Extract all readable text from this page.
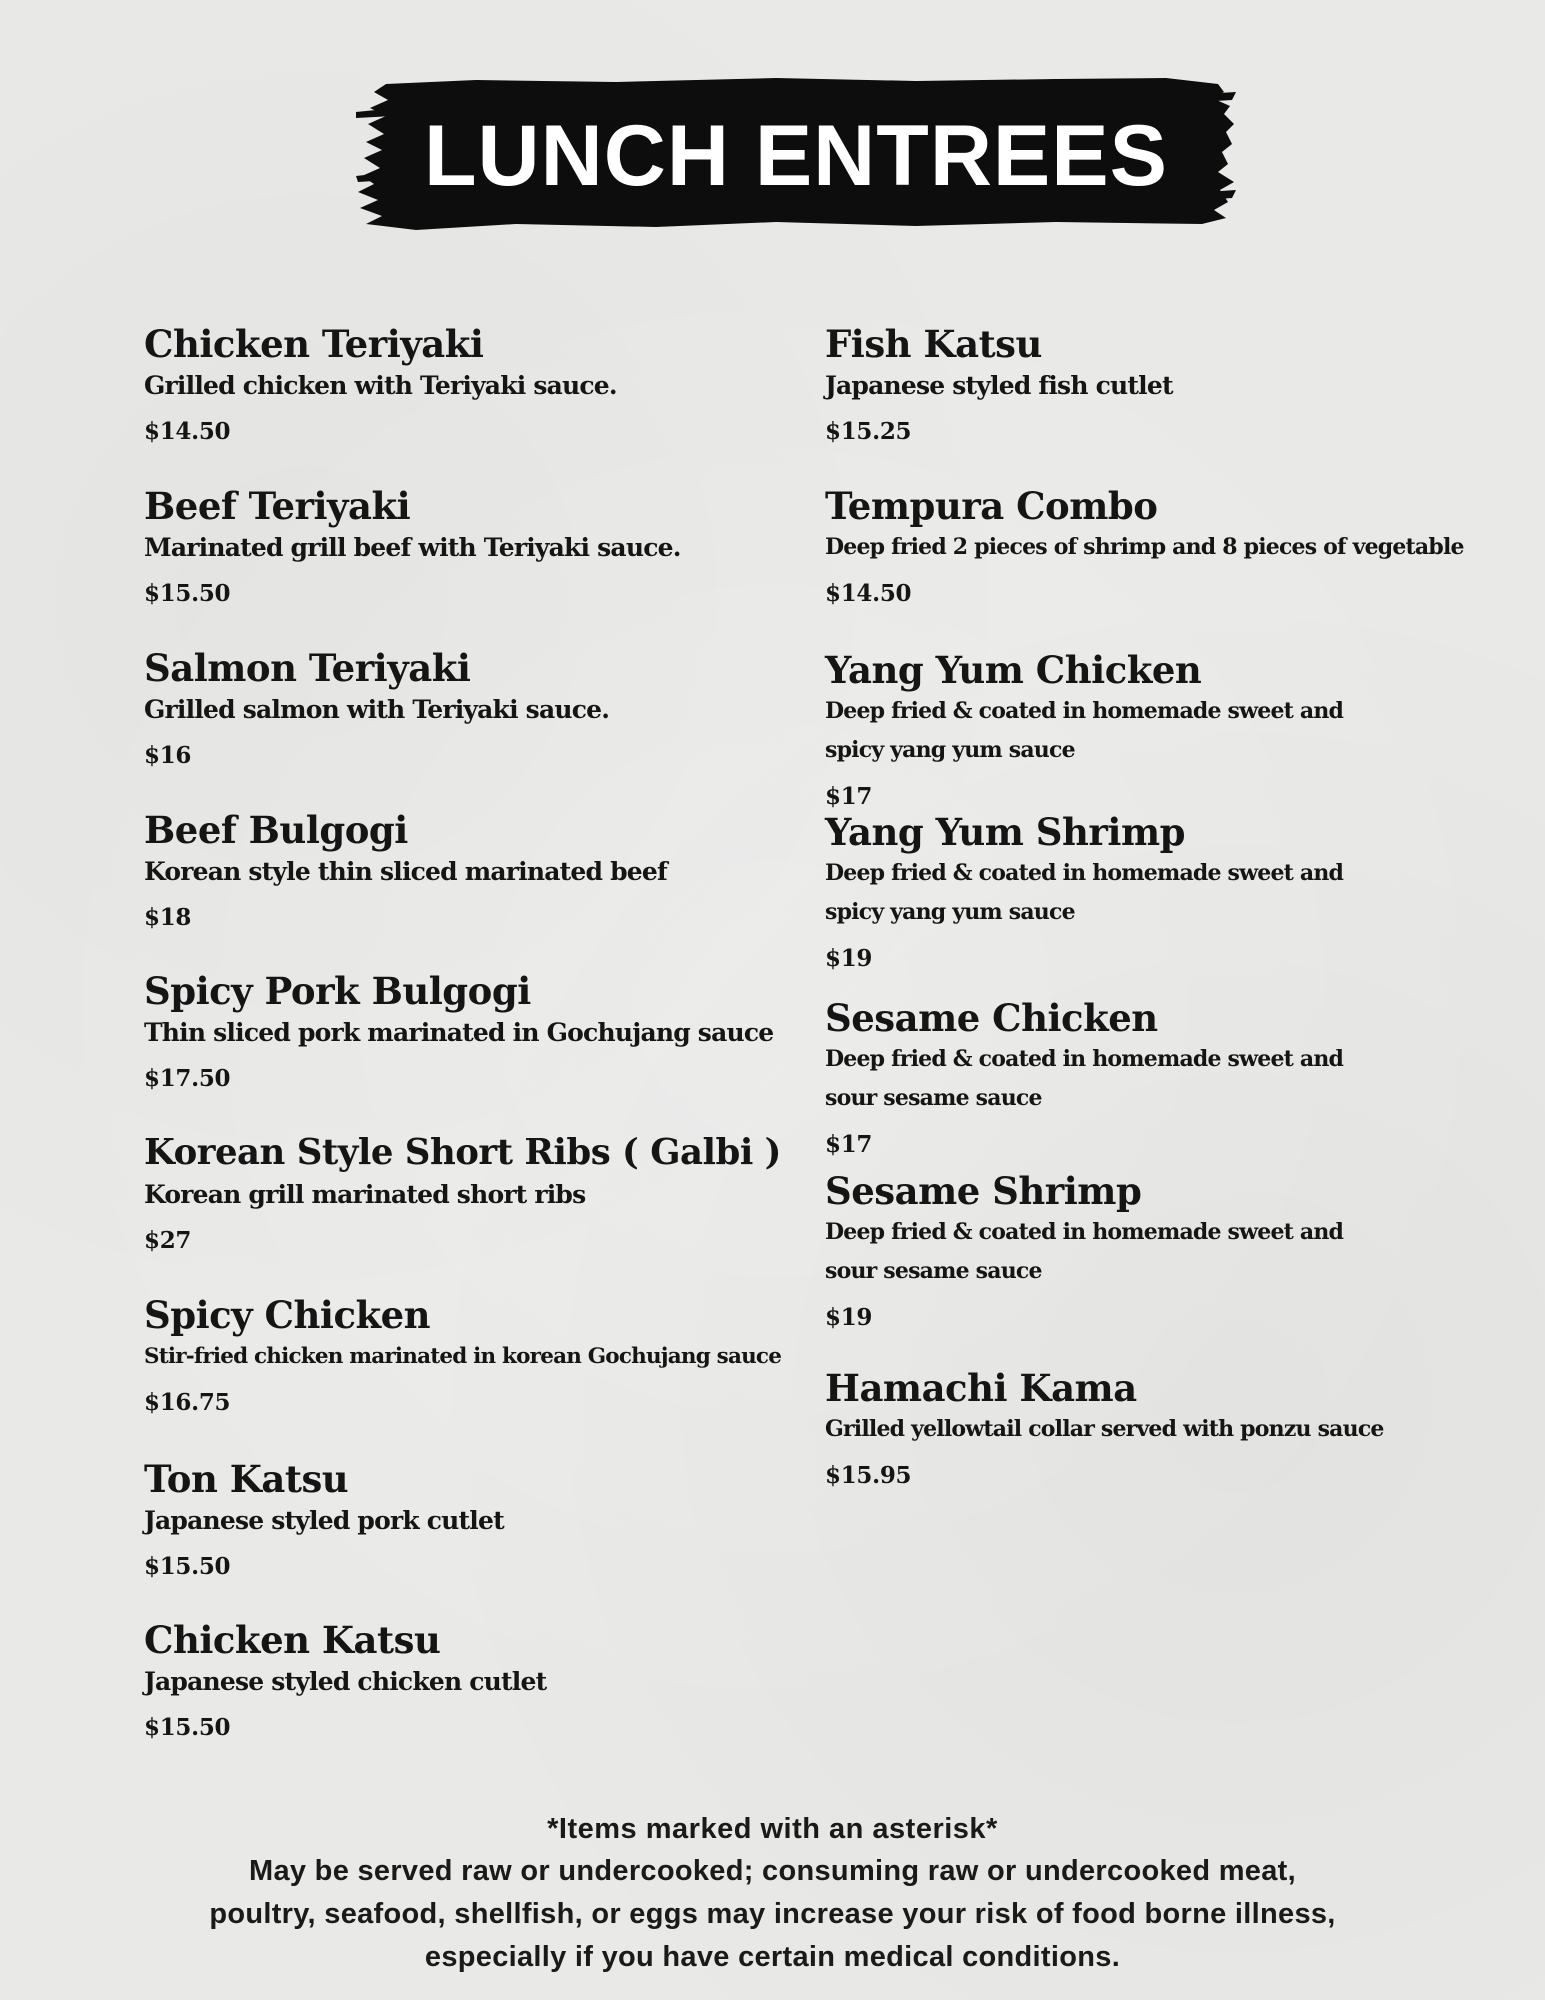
LUNCH ENTREES
Chicken Teriyaki
Grilled chicken with Teriyaki sauce.
$14.50
Beef Teriyaki
Marinated grill beef with Teriyaki sauce.
$15.50
Salmon Teriyaki
Grilled salmon with Teriyaki sauce.
$16
Beef Bulgogi
Korean style thin sliced marinated beef
$18
Spicy Pork Bulgogi
Thin sliced pork marinated in Gochujang sauce
$17.50
Korean Style Short Ribs ( Galbi )
Korean grill marinated short ribs
$27
Spicy Chicken
Stir-fried chicken marinated in korean Gochujang sauce
$16.75
Ton Katsu
Japanese styled pork cutlet
$15.50
Chicken Katsu
Japanese styled chicken cutlet
$15.50
Fish Katsu
Japanese styled fish cutlet
$15.25
Tempura Combo
Deep fried 2 pieces of shrimp and 8 pieces of vegetable
$14.50
Yang Yum Chicken
Deep fried & coated in homemade sweet and
spicy yang yum sauce
$17
Yang Yum Shrimp
Deep fried & coated in homemade sweet and
spicy yang yum sauce
$19
Sesame Chicken
Deep fried & coated in homemade sweet and
sour sesame sauce
$17
Sesame Shrimp
Deep fried & coated in homemade sweet and
sour sesame sauce
$19
Hamachi Kama
Grilled yellowtail collar served with ponzu sauce
$15.95
*Items marked with an asterisk*
May be served raw or undercooked; consuming raw or undercooked meat,
poultry, seafood, shellfish, or eggs may increase your risk of food borne illness,
especially if you have certain medical conditions.
